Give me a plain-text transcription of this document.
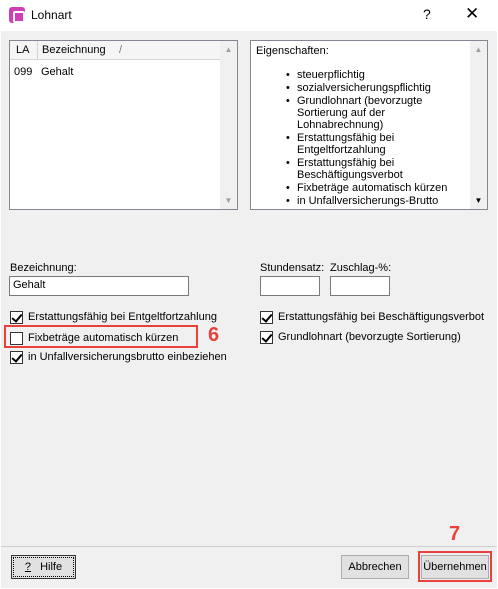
Lohnart	? ✕
LA	Bezeichnung	/
099 Gehalt
▲
▼
Eigenschaften:
• steuerpflichtig
• sozialversicherungspflichtig
• Grundlohnart (bevorzugte Sortierung auf der Lohnabrechnung)
• Erstattungsfähig bei Entgeltfortzahlung
• Erstattungsfähig bei Beschäftigungsverbot
• Fixbeträge automatisch kürzen
• in Unfallversicherungs-Brutto
▲
▼
Bezeichnung:
Gehalt
Stundensatz: Zuschlag-%:
Erstattungsfähig bei Entgeltfortzahlung
Fixbeträge automatisch kürzen
in Unfallversicherungsbrutto einbeziehen
Erstattungsfähig bei Beschäftigungsverbot
Grundlohnart (bevorzugte Sortierung)
6
? Hilfe	Abbrechen	Übernehmen
7
